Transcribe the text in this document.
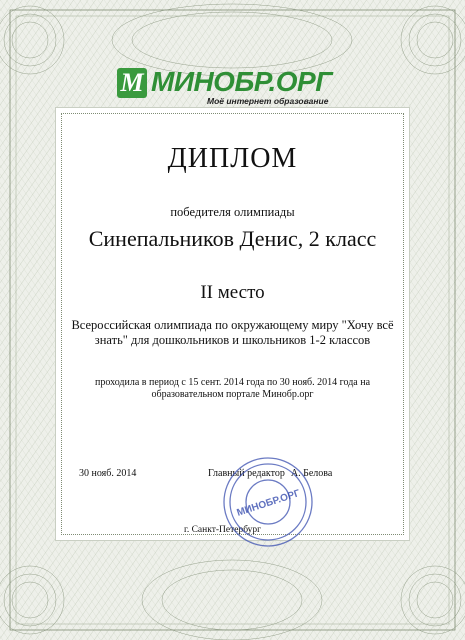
М МИНОБР.ОРГ
Моё интернет образование
ДИПЛОМ
победителя олимпиады
Синепальников Денис, 2 класс
II место
Всероссийская олимпиада по окружающему миру "Хочу всё знать" для дошкольников и школьников 1-2 классов
проходила в период с 15 сент. 2014 года по 30 нояб. 2014 года на образовательном портале Минобр.орг
30 нояб. 2014	Главный редактор А. Белова
г. Санкт-Петербург
МИНОБР.ОРГ
